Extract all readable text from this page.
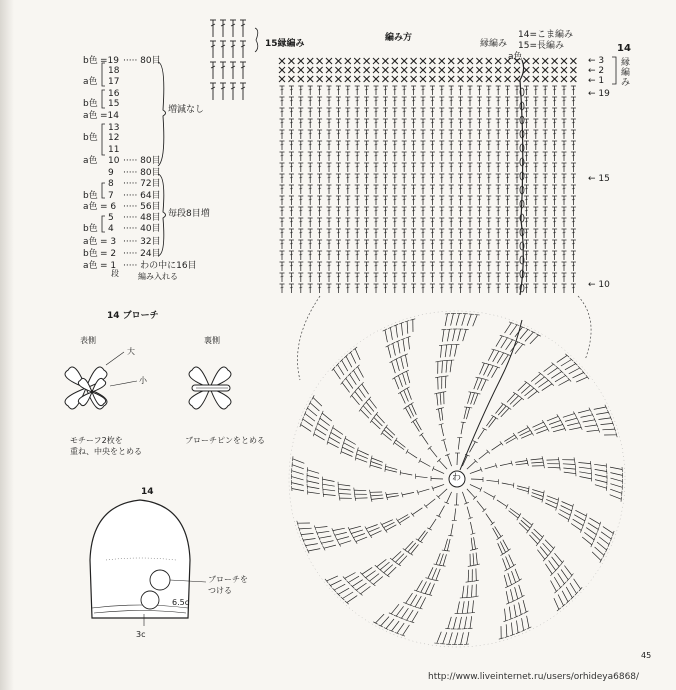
15縁編み
編み方
縁編み
14=こま編み
15=長編み
a色
14
縁編み
← 3
← 2
← 1
← 19
← 15
← 10
わ
b色 =19 ····· 80目
18
a色 17
16
b色 15
a色 =14
13
b色 12
11
a色 10 ····· 80目
9 ····· 80目
8 ····· 72目
b色 7 ····· 64目
a色 = 6 ····· 56目
5 ····· 48目
b色 4 ····· 40目
a色 = 3 ····· 32目
b色 = 2 ····· 24目
a色 = 1 ····· わの中に16目
編み入れる
段
増減なし
毎段8目増
14 ブローチ
表側	裏側
大
小
モチーフ2枚を
重ね、中央をとめる
ブローチピンをとめる
14
ブローチを
つける
6.5c
3c
45
http://www.liveinternet.ru/users/orhideya6868/
